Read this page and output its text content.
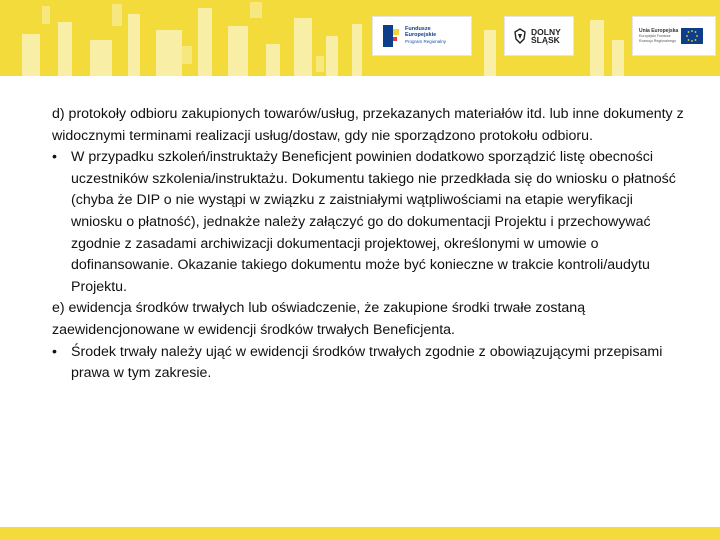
Fundusze
Europejskie
Program Regionalny
DOLNY
ŚLĄSK
Unia Europejska
Europejski Fundusz
Rozwoju Regionalnego

d) protokoły odbioru zakupionych towarów/usług, przekazanych materiałów itd. lub inne dokumenty z widocznymi terminami realizacji usług/dostaw, gdy nie sporządzono protokołu odbioru.

• W przypadku szkoleń/instruktaży Beneficjent powinien dodatkowo sporządzić listę obecności uczestników szkolenia/instruktażu. Dokumentu takiego nie przedkłada się do wniosku o płatność (chyba że DIP o nie wystąpi w związku z zaistniałymi wątpliwościami na etapie weryfikacji wniosku o płatność), jednakże należy załączyć go do dokumentacji Projektu i przechowywać zgodnie z zasadami archiwizacji dokumentacji projektowej, określonymi w umowie o dofinansowanie. Okazanie takiego dokumentu może być konieczne w trakcie kontroli/audytu Projektu.

e) ewidencja środków trwałych lub oświadczenie, że zakupione środki trwałe zostaną zaewidencjonowane w ewidencji środków trwałych Beneficjenta.

• Środek trwały należy ująć w ewidencji środków trwałych zgodnie z obowiązującymi przepisami prawa w tym zakresie.
